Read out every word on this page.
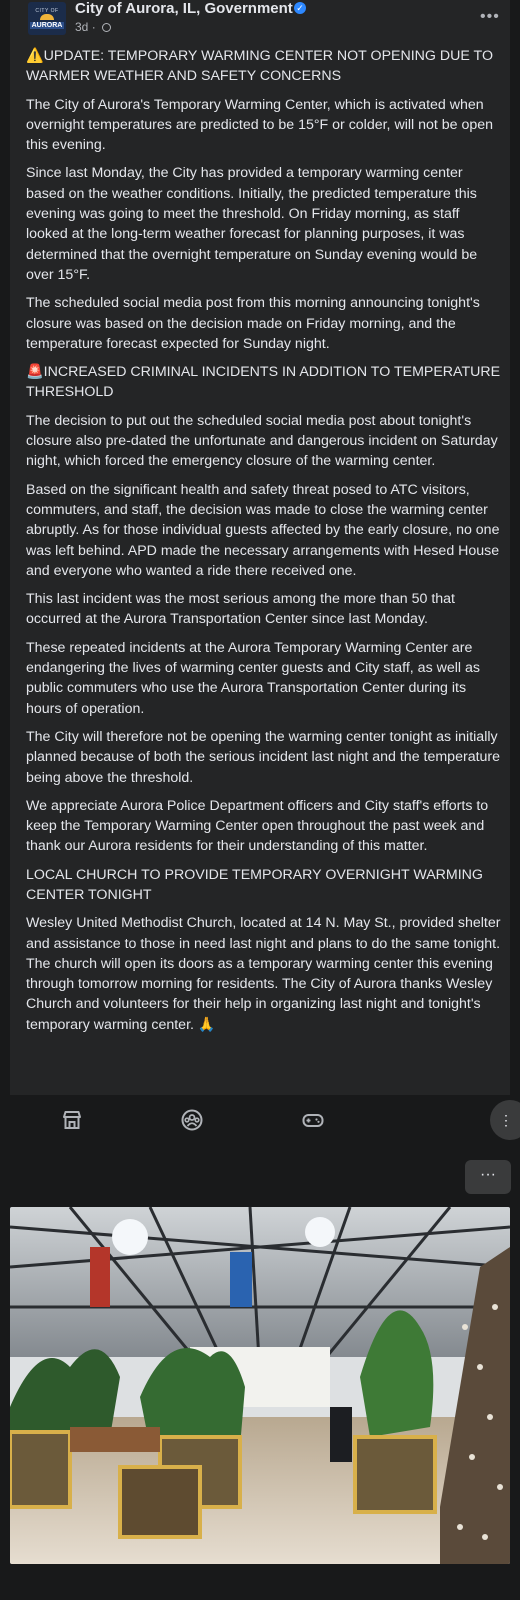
CITY OF
AURORA
City of Aurora, IL, Government ✓
3d ·
•••

⚠️UPDATE: TEMPORARY WARMING CENTER NOT OPENING DUE TO WARMER WEATHER AND SAFETY CONCERNS

The City of Aurora's Temporary Warming Center, which is activated when overnight temperatures are predicted to be 15°F or colder, will not be open this evening.

Since last Monday, the City has provided a temporary warming center based on the weather conditions. Initially, the predicted temperature this evening was going to meet the threshold. On Friday morning, as staff looked at the long-term weather forecast for planning purposes, it was determined that the overnight temperature on Sunday evening would be over 15°F.

The scheduled social media post from this morning announcing tonight's closure was based on the decision made on Friday morning, and the temperature forecast expected for Sunday night.

🚨INCREASED CRIMINAL INCIDENTS IN ADDITION TO TEMPERATURE THRESHOLD

The decision to put out the scheduled social media post about tonight's closure also pre-dated the unfortunate and dangerous incident on Saturday night, which forced the emergency closure of the warming center.

Based on the significant health and safety threat posed to ATC visitors, commuters, and staff, the decision was made to close the warming center abruptly. As for those individual guests affected by the early closure, no one was left behind. APD made the necessary arrangements with Hesed House and everyone who wanted a ride there received one.

This last incident was the most serious among the more than 50 that occurred at the Aurora Transportation Center since last Monday.

These repeated incidents at the Aurora Temporary Warming Center are endangering the lives of warming center guests and City staff, as well as public commuters who use the Aurora Transportation Center during its hours of operation.

The City will therefore not be opening the warming center tonight as initially planned because of both the serious incident last night and the temperature being above the threshold.

We appreciate Aurora Police Department officers and City staff's efforts to keep the Temporary Warming Center open throughout the past week and thank our Aurora residents for their understanding of this matter.

LOCAL CHURCH TO PROVIDE TEMPORARY OVERNIGHT WARMING CENTER TONIGHT

Wesley United Methodist Church, located at 14 N. May St., provided shelter and assistance to those in need last night and plans to do the same tonight. The church will open its doors as a temporary warming center this evening through tomorrow morning for residents. The City of Aurora thanks Wesley Church and volunteers for their help in organizing last night and tonight's temporary warming center. 🙏

⋮
···
